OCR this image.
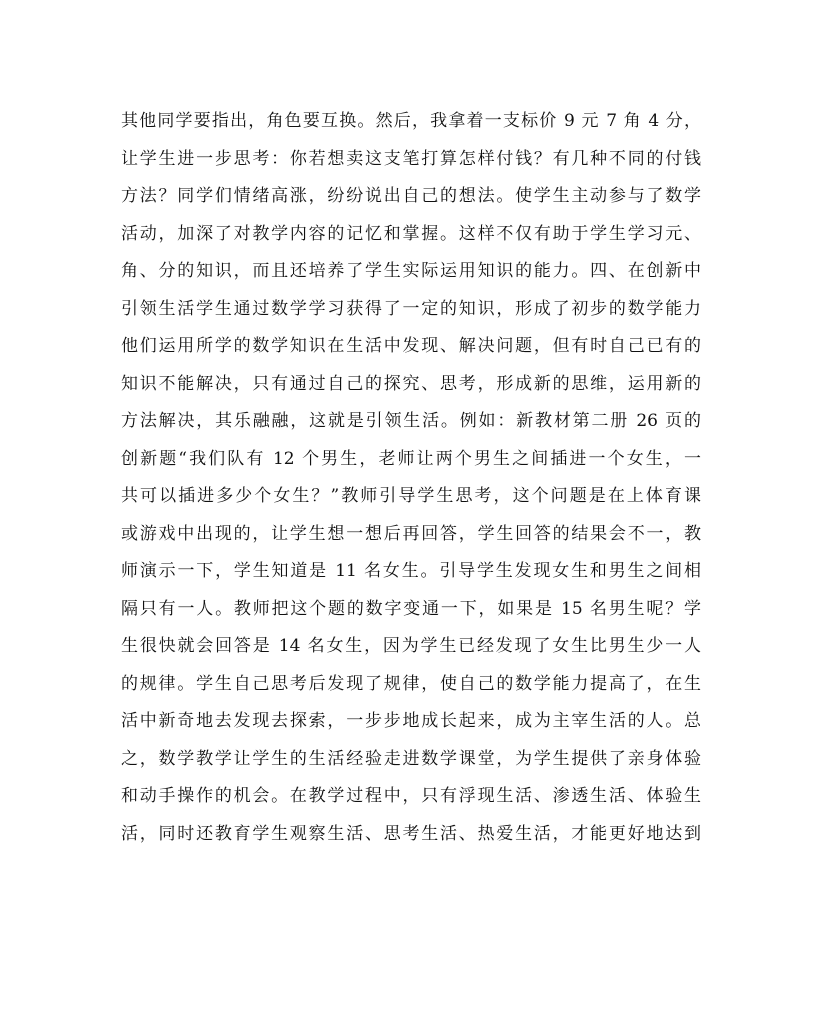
其他同学要指出，角色要互换。然后，我拿着一支标价 9 元 7 角 4 分，
让学生进一步思考：你若想卖这支笔打算怎样付钱？有几种不同的付钱
方法？同学们情绪高涨，纷纷说出自己的想法。使学生主动参与了数学
活动，加深了对教学内容的记忆和掌握。这样不仅有助于学生学习元、
角、分的知识，而且还培养了学生实际运用知识的能力。四、在创新中
引领生活学生通过数学学习获得了一定的知识，形成了初步的数学能力
他们运用所学的数学知识在生活中发现、解决问题，但有时自己已有的
知识不能解决，只有通过自己的探究、思考，形成新的思维，运用新的
方法解决，其乐融融，这就是引领生活。例如：新教材第二册 26 页的
创新题“我们队有 12 个男生，老师让两个男生之间插进一个女生，一
共可以插进多少个女生？”教师引导学生思考，这个问题是在上体育课
或游戏中出现的，让学生想一想后再回答，学生回答的结果会不一，教
师演示一下，学生知道是 11 名女生。引导学生发现女生和男生之间相
隔只有一人。教师把这个题的数字变通一下，如果是 15 名男生呢？学
生很快就会回答是 14 名女生，因为学生已经发现了女生比男生少一人
的规律。学生自己思考后发现了规律，使自己的数学能力提高了，在生
活中新奇地去发现去探索，一步步地成长起来，成为主宰生活的人。总
之，数学教学让学生的生活经验走进数学课堂，为学生提供了亲身体验
和动手操作的机会。在教学过程中，只有浮现生活、渗透生活、体验生
活，同时还教育学生观察生活、思考生活、热爱生活，才能更好地达到
